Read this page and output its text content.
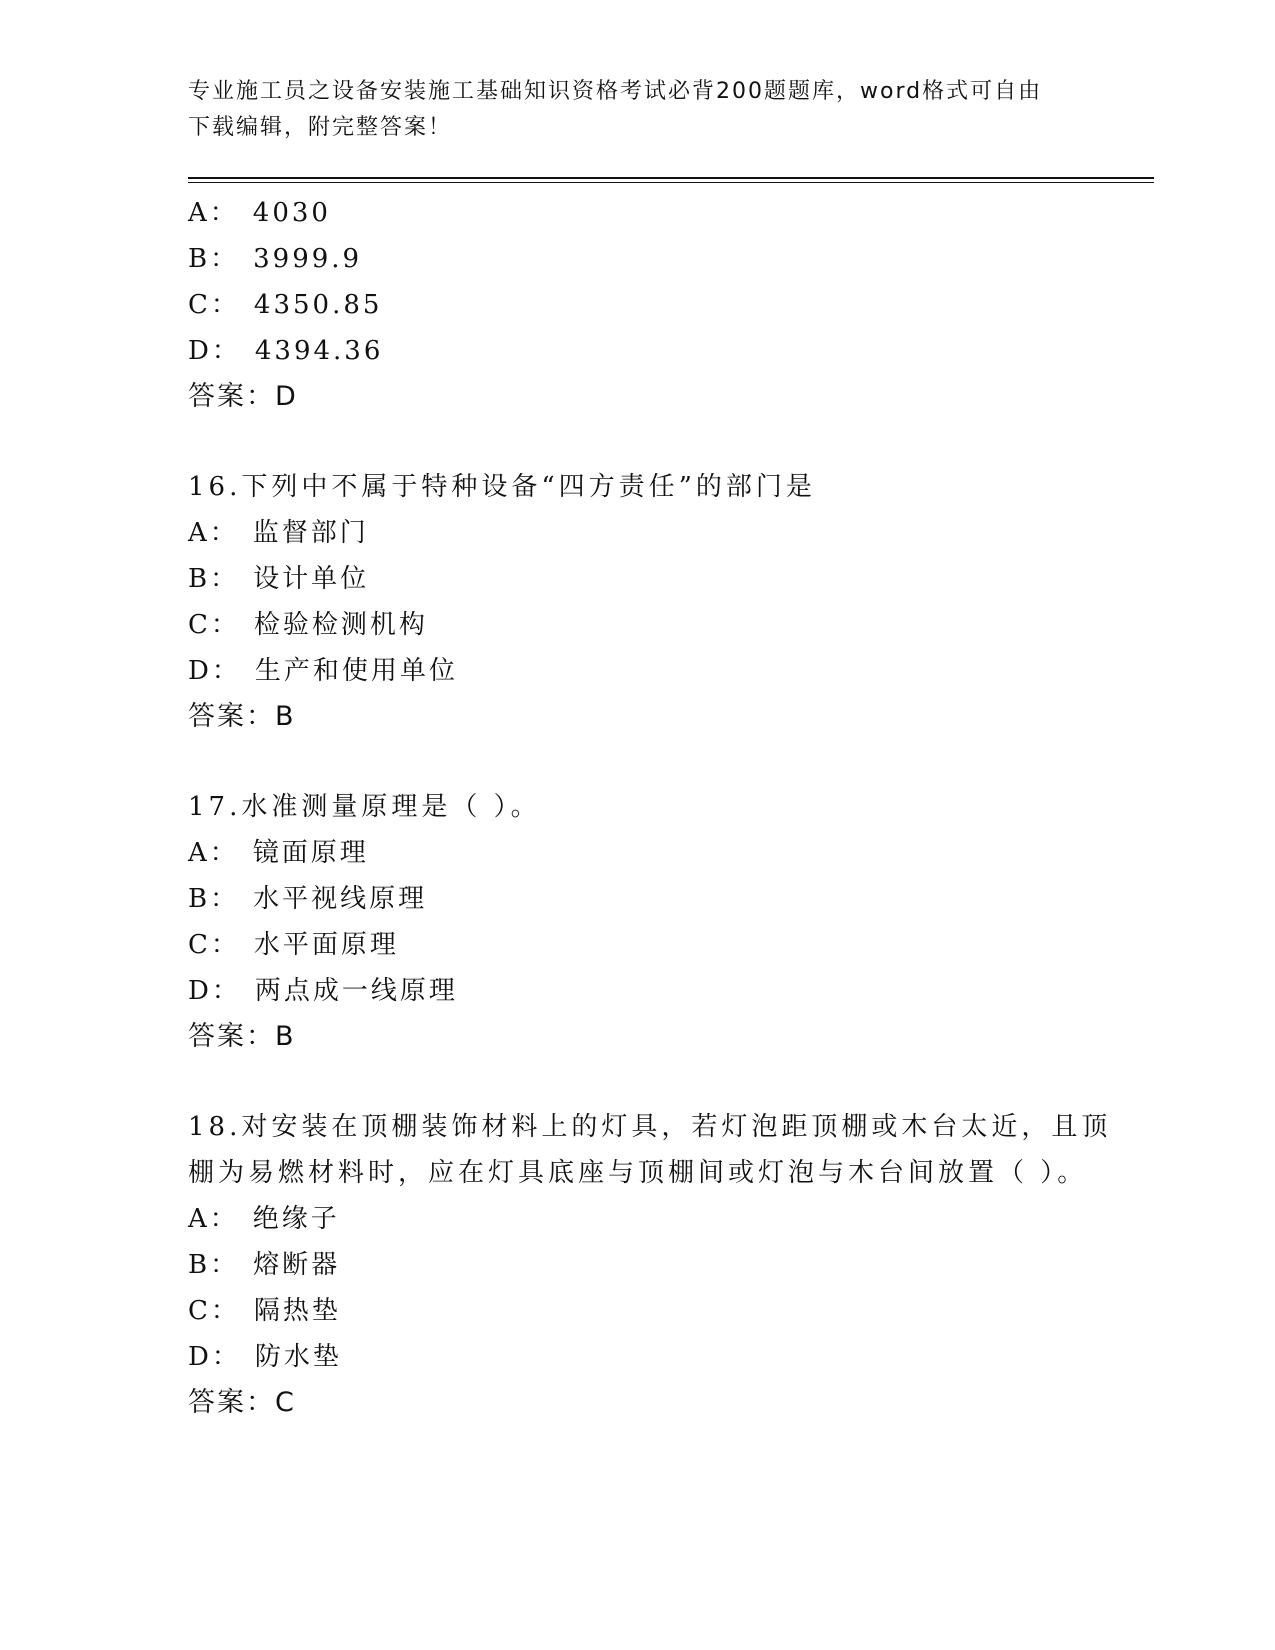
专业施工员之设备安装施工基础知识资格考试必背200题题库，word格式可自由
下载编辑，附完整答案！
A： 4030
B： 3999.9
C： 4350.85
D： 4394.36
答案：D
16.下列中不属于特种设备“四方责任”的部门是
A： 监督部门
B： 设计单位
C： 检验检测机构
D： 生产和使用单位
答案：B
17.水准测量原理是（ ）。
A： 镜面原理
B： 水平视线原理
C： 水平面原理
D： 两点成一线原理
答案：B
18.对安装在顶棚装饰材料上的灯具，若灯泡距顶棚或木台太近，且顶
棚为易燃材料时，应在灯具底座与顶棚间或灯泡与木台间放置（ ）。
A： 绝缘子
B： 熔断器
C： 隔热垫
D： 防水垫
答案：C
